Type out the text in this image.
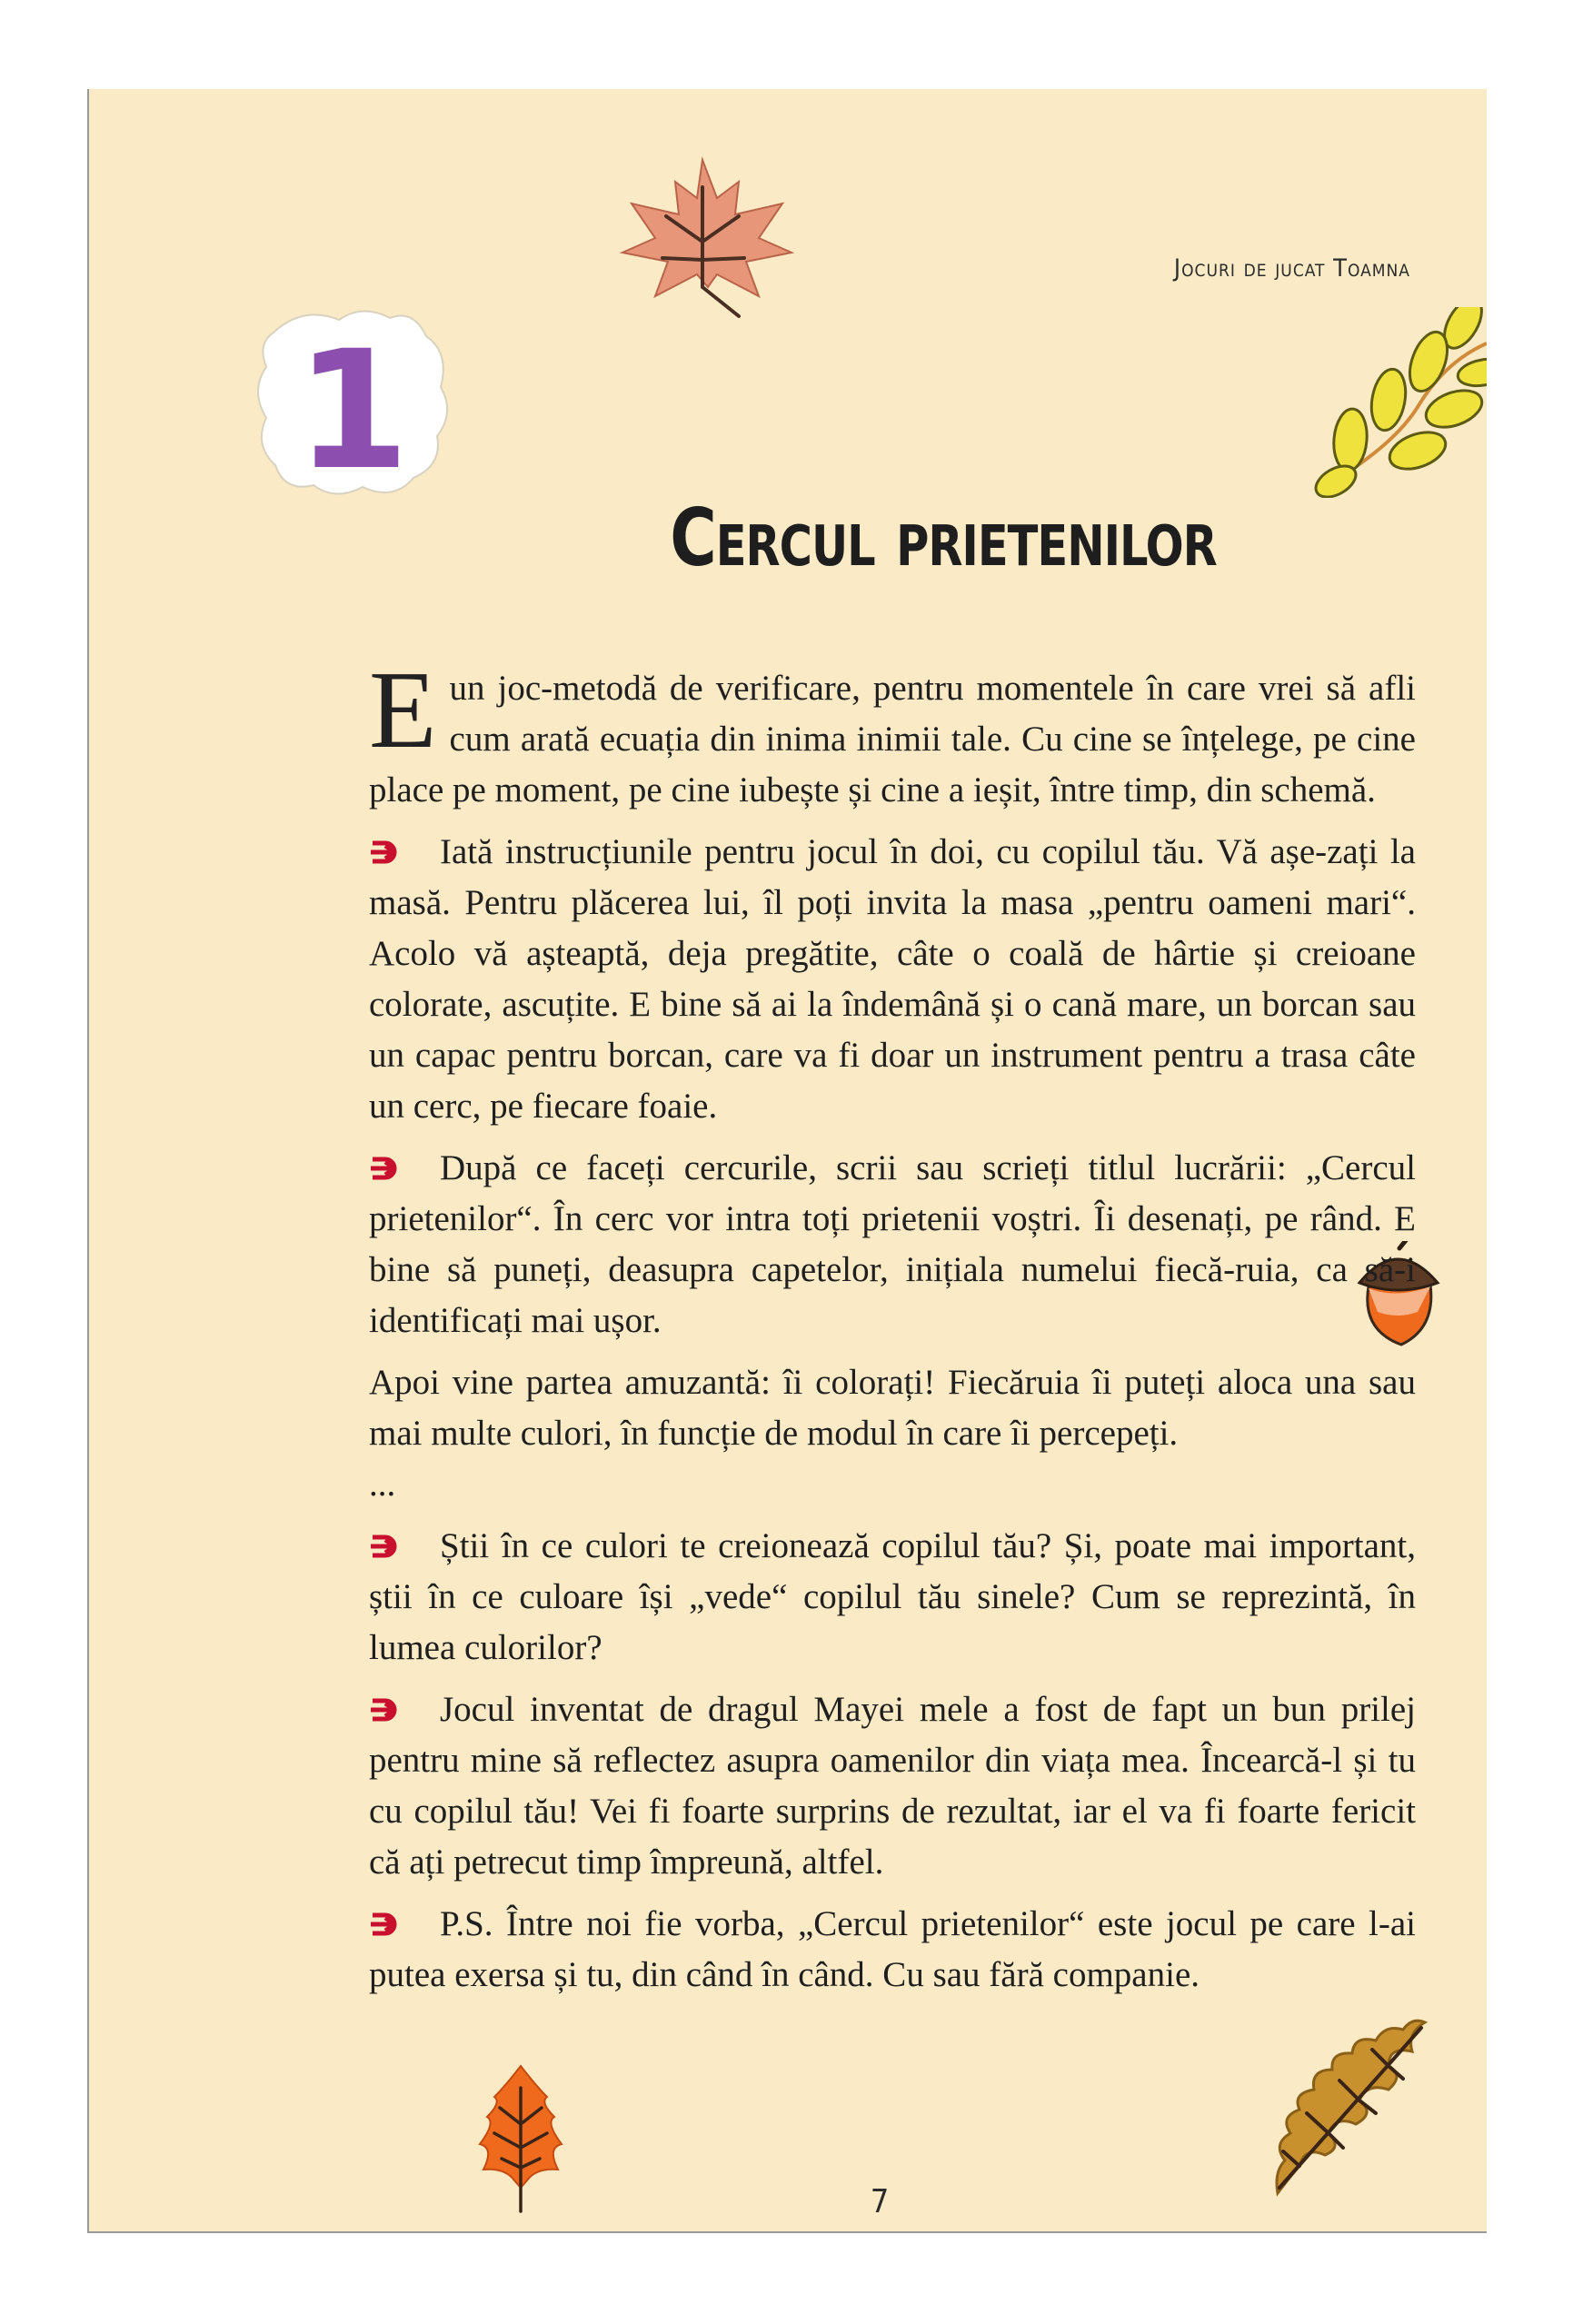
1
Jocuri de jucat Toamna
Cercul prietenilor

E un joc-metodă de verificare, pentru momentele în care vrei să afli cum arată ecuația din inima inimii tale. Cu cine se înțelege, pe cine place pe moment, pe cine iubește și cine a ieșit, între timp, din schemă.

Iată instrucțiunile pentru jocul în doi, cu copilul tău. Vă așe-zați la masă. Pentru plăcerea lui, îl poți invita la masa „pentru oameni mari“. Acolo vă așteaptă, deja pregătite, câte o coală de hârtie și creioane colorate, ascuțite. E bine să ai la îndemână și o cană mare, un borcan sau un capac pentru borcan, care va fi doar un instrument pentru a trasa câte un cerc, pe fiecare foaie.

După ce faceți cercurile, scrii sau scrieți titlul lucrării: „Cercul prietenilor“. În cerc vor intra toți prietenii voștri. Îi desenați, pe rând. E bine să puneți, deasupra capetelor, inițiala numelui fiecă-ruia, ca să-i identificați mai ușor.

Apoi vine partea amuzantă: îi colorați! Fiecăruia îi puteți aloca una sau mai multe culori, în funcție de modul în care îi percepeți.

...

Știi în ce culori te creionează copilul tău? Și, poate mai important, știi în ce culoare își „vede“ copilul tău sinele? Cum se reprezintă, în lumea culorilor?

Jocul inventat de dragul Mayei mele a fost de fapt un bun prilej pentru mine să reflectez asupra oamenilor din viața mea. Încearcă-l și tu cu copilul tău! Vei fi foarte surprins de rezultat, iar el va fi foarte fericit că ați petrecut timp împreună, altfel.

P.S. Între noi fie vorba, „Cercul prietenilor“ este jocul pe care l-ai putea exersa și tu, din când în când. Cu sau fără companie.

7
